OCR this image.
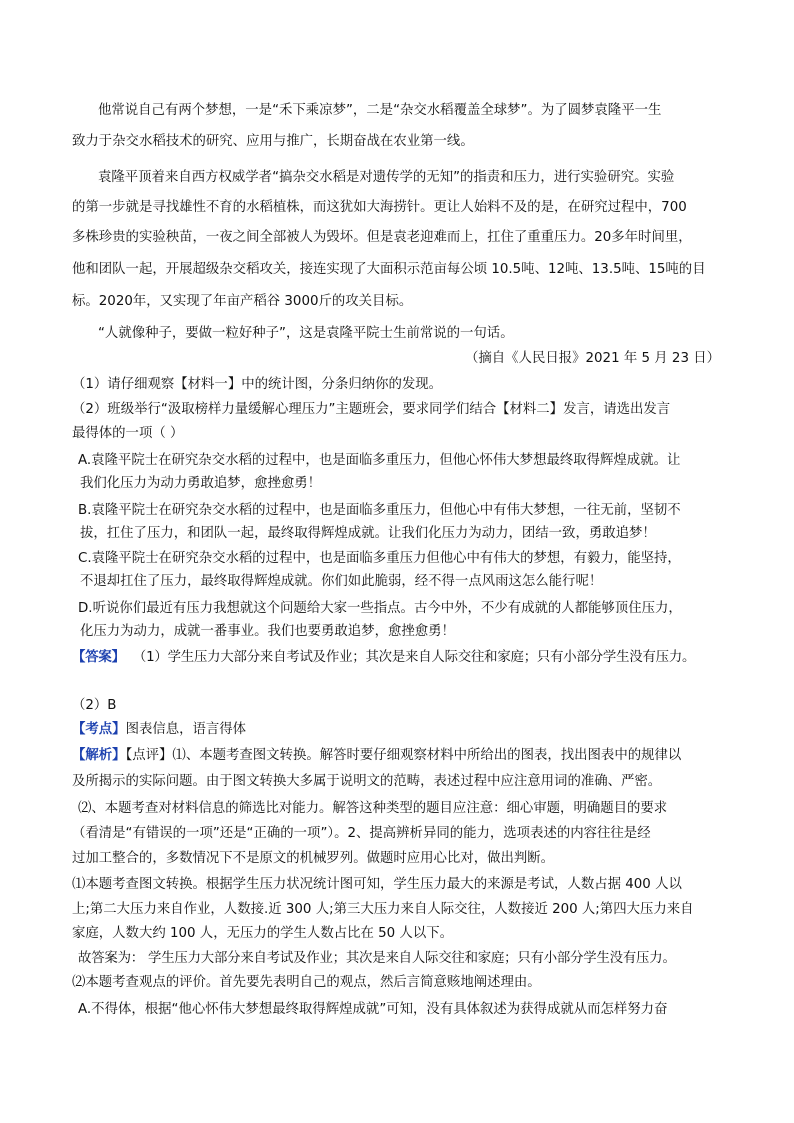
他常说自己有两个梦想，一是“禾下乘凉梦”，二是“杂交水稻覆盖全球梦”。为了圆梦袁隆平一生
致力于杂交水稻技术的研究、应用与推广，长期奋战在农业第一线。
袁隆平顶着来自西方权威学者“搞杂交水稻是对遗传学的无知”的指责和压力，进行实验研究。实验
的第一步就是寻找雄性不育的水稻植株，而这犹如大海捞针。更让人始料不及的是，在研究过程中，700
多株珍贵的实验秧苗，一夜之间全部被人为毁坏。但是袁老迎难而上，扛住了重重压力。20多年时间里，
他和团队一起，开展超级杂交稻攻关，接连实现了大面积示范亩每公顷 10.5吨、12吨、13.5吨、15吨的目
标。2020年，又实现了年亩产稻谷 3000斤的攻关目标。
“人就像种子，要做一粒好种子”，这是袁隆平院士生前常说的一句话。
（摘自《人民日报》2021 年 5 月 23 日）
（1）请仔细观察【材料一】中的统计图，分条归纳你的发现。
（2）班级举行“汲取榜样力量缓解心理压力”主题班会，要求同学们结合【材料二】发言，请选出发言
最得体的一项（ ）
A.袁隆平院士在研究杂交水稻的过程中，也是面临多重压力，但他心怀伟大梦想最终取得辉煌成就。让
我们化压力为动力勇敢追梦，愈挫愈勇！
B.袁隆平院士在研究杂交水稻的过程中，也是面临多重压力，但他心中有伟大梦想，一往无前，坚韧不
拔，扛住了压力，和团队一起，最终取得辉煌成就。让我们化压力为动力，团结一致，勇敢追梦！
C.袁隆平院士在研究杂交水稻的过程中，也是面临多重压力但他心中有伟大的梦想，有毅力，能坚持，
不退却扛住了压力，最终取得辉煌成就。你们如此脆弱，经不得一点风雨这怎么能行呢！
D.听说你们最近有压力我想就这个问题给大家一些指点。古今中外，不少有成就的人都能够顶住压力，
化压力为动力，成就一番事业。我们也要勇敢追梦，愈挫愈勇！
【答案】 （1）学生压力大部分来自考试及作业；其次是来自人际交往和家庭；只有小部分学生没有压力。
（2）B
【考点】图表信息，语言得体
【解析】【点评】⑴、本题考查图文转换。解答时要仔细观察材料中所给出的图表，找出图表中的规律以
及所揭示的实际问题。由于图文转换大多属于说明文的范畴，表述过程中应注意用词的准确、严密。
⑵、本题考查对材料信息的筛选比对能力。解答这种类型的题目应注意：细心审题，明确题目的要求
（看清是“有错误的一项”还是“正确的一项”）。2、提高辨析异同的能力，选项表述的内容往往是经
过加工整合的，多数情况下不是原文的机械罗列。做题时应用心比对，做出判断。
⑴本题考查图文转换。根据学生压力状况统计图可知，学生压力最大的来源是考试，人数占据 400 人以
上;第二大压力来自作业，人数接.近 300 人;第三大压力来自人际交往，人数接近 200 人;第四大压力来自
家庭，人数大约 100 人，无压力的学生人数占比在 50 人以下。
故答案为： 学生压力大部分来自考试及作业；其次是来自人际交往和家庭；只有小部分学生没有压力。
⑵本题考查观点的评价。首先要先表明自己的观点，然后言简意赅地阐述理由。
A.不得体，根据“他心怀伟大梦想最终取得辉煌成就”可知，没有具体叙述为获得成就从而怎样努力奋
